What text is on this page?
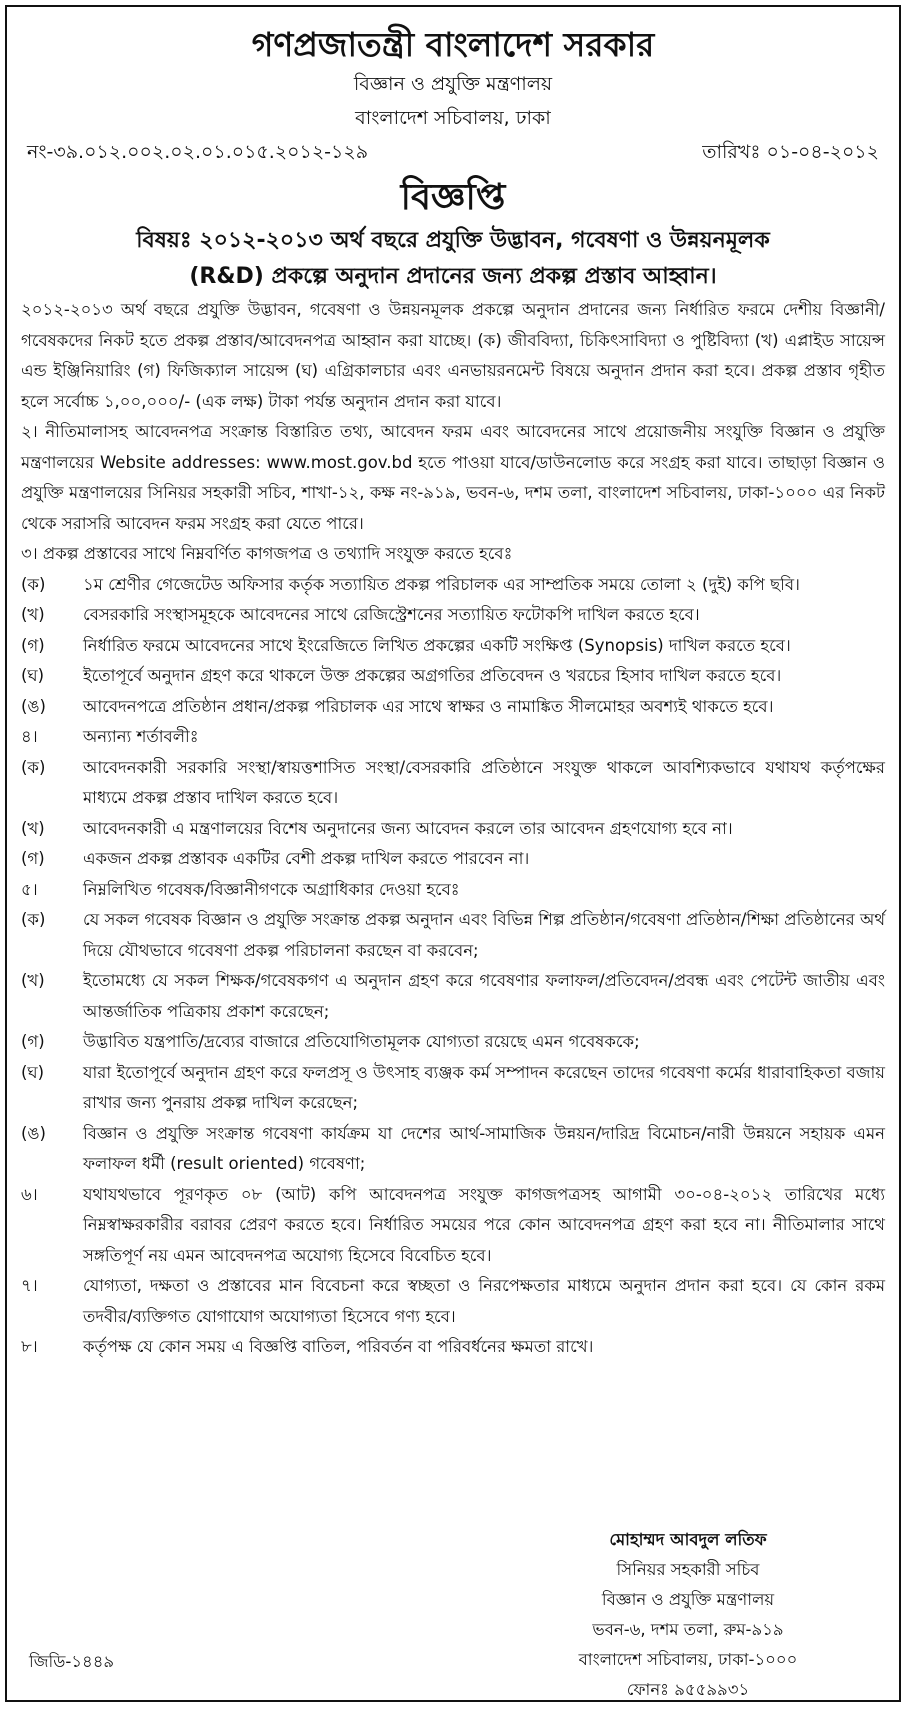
গণপ্রজাতন্ত্রী বাংলাদেশ সরকার
বিজ্ঞান ও প্রযুক্তি মন্ত্রণালয়
বাংলাদেশ সচিবালয়, ঢাকা
নং-৩৯.০১২.০০২.০২.০১.০১৫.২০১২-১২৯	তারিখঃ ০১-০৪-২০১২
বিজ্ঞপ্তি
বিষয়ঃ ২০১২-২০১৩ অর্থ বছরে প্রযুক্তি উদ্ভাবন, গবেষণা ও উন্নয়নমূলক
(R&D) প্রকল্পে অনুদান প্রদানের জন্য প্রকল্প প্রস্তাব আহ্বান।
২০১২-২০১৩ অর্থ বছরে প্রযুক্তি উদ্ভাবন, গবেষণা ও উন্নয়নমূলক প্রকল্পে অনুদান প্রদানের জন্য নির্ধারিত ফরমে দেশীয় বিজ্ঞানী/গবেষকদের নিকট হতে প্রকল্প প্রস্তাব/আবেদনপত্র আহ্বান করা যাচ্ছে। (ক) জীববিদ্যা, চিকিৎসাবিদ্যা ও পুষ্টিবিদ্যা (খ) এপ্লাইড সায়েন্স এন্ড ইঞ্জিনিয়ারিং (গ) ফিজিক্যাল সায়েন্স (ঘ) এগ্রিকালচার এবং এনভায়রনমেন্ট বিষয়ে অনুদান প্রদান করা হবে। প্রকল্প প্রস্তাব গৃহীত হলে সর্বোচ্চ ১,০০,০০০/- (এক লক্ষ) টাকা পর্যন্ত অনুদান প্রদান করা যাবে।
২। নীতিমালাসহ আবেদনপত্র সংক্রান্ত বিস্তারিত তথ্য, আবেদন ফরম এবং আবেদনের সাথে প্রয়োজনীয় সংযুক্তি বিজ্ঞান ও প্রযুক্তি মন্ত্রণালয়ের Website addresses: www.most.gov.bd হতে পাওয়া যাবে/ডাউনলোড করে সংগ্রহ করা যাবে। তাছাড়া বিজ্ঞান ও প্রযুক্তি মন্ত্রণালয়ের সিনিয়র সহকারী সচিব, শাখা-১২, কক্ষ নং-৯১৯, ভবন-৬, দশম তলা, বাংলাদেশ সচিবালয়, ঢাকা-১০০০ এর নিকট থেকে সরাসরি আবেদন ফরম সংগ্রহ করা যেতে পারে।
৩। প্রকল্প প্রস্তাবের সাথে নিম্নবর্ণিত কাগজপত্র ও তথ্যাদি সংযুক্ত করতে হবেঃ
(ক)	১ম শ্রেণীর গেজেটেড অফিসার কর্তৃক সত্যায়িত প্রকল্প পরিচালক এর সাম্প্রতিক সময়ে তোলা ২ (দুই) কপি ছবি।
(খ)	বেসরকারি সংস্থাসমূহকে আবেদনের সাথে রেজিস্ট্রেশনের সত্যায়িত ফটোকপি দাখিল করতে হবে।
(গ)	নির্ধারিত ফরমে আবেদনের সাথে ইংরেজিতে লিখিত প্রকল্পের একটি সংক্ষিপ্ত (Synopsis) দাখিল করতে হবে।
(ঘ)	ইতোপূর্বে অনুদান গ্রহণ করে থাকলে উক্ত প্রকল্পের অগ্রগতির প্রতিবেদন ও খরচের হিসাব দাখিল করতে হবে।
(ঙ)	আবেদনপত্রে প্রতিষ্ঠান প্রধান/প্রকল্প পরিচালক এর সাথে স্বাক্ষর ও নামাঙ্কিত সীলমোহর অবশ্যই থাকতে হবে।
৪।	অন্যান্য শর্তাবলীঃ
(ক)	আবেদনকারী সরকারি সংস্থা/স্বায়ত্তশাসিত সংস্থা/বেসরকারি প্রতিষ্ঠানে সংযুক্ত থাকলে আবশ্যিকভাবে যথাযথ কর্তৃপক্ষের মাধ্যমে প্রকল্প প্রস্তাব দাখিল করতে হবে।
(খ)	আবেদনকারী এ মন্ত্রণালয়ের বিশেষ অনুদানের জন্য আবেদন করলে তার আবেদন গ্রহণযোগ্য হবে না।
(গ)	একজন প্রকল্প প্রস্তাবক একটির বেশী প্রকল্প দাখিল করতে পারবেন না।
৫।	নিম্নলিখিত গবেষক/বিজ্ঞানীগণকে অগ্রাধিকার দেওয়া হবেঃ
(ক)	যে সকল গবেষক বিজ্ঞান ও প্রযুক্তি সংক্রান্ত প্রকল্প অনুদান এবং বিভিন্ন শিল্প প্রতিষ্ঠান/গবেষণা প্রতিষ্ঠান/শিক্ষা প্রতিষ্ঠানের অর্থ দিয়ে যৌথভাবে গবেষণা প্রকল্প পরিচালনা করছেন বা করবেন;
(খ)	ইতোমধ্যে যে সকল শিক্ষক/গবেষকগণ এ অনুদান গ্রহণ করে গবেষণার ফলাফল/প্রতিবেদন/প্রবন্ধ এবং পেটেন্ট জাতীয় এবং আন্তর্জাতিক পত্রিকায় প্রকাশ করেছেন;
(গ)	উদ্ভাবিত যন্ত্রপাতি/দ্রব্যের বাজারে প্রতিযোগিতামূলক যোগ্যতা রয়েছে এমন গবেষককে;
(ঘ)	যারা ইতোপূর্বে অনুদান গ্রহণ করে ফলপ্রসূ ও উৎসাহ ব্যঞ্জক কর্ম সম্পাদন করেছেন তাদের গবেষণা কর্মের ধারাবাহিকতা বজায় রাখার জন্য পুনরায় প্রকল্প দাখিল করেছেন;
(ঙ)	বিজ্ঞান ও প্রযুক্তি সংক্রান্ত গবেষণা কার্যক্রম যা দেশের আর্থ-সামাজিক উন্নয়ন/দারিদ্র বিমোচন/নারী উন্নয়নে সহায়ক এমন ফলাফল ধর্মী (result oriented) গবেষণা;
৬।	যথাযথভাবে পূরণকৃত ০৮ (আট) কপি আবেদনপত্র সংযুক্ত কাগজপত্রসহ আগামী ৩০-০৪-২০১২ তারিখের মধ্যে নিম্নস্বাক্ষরকারীর বরাবর প্রেরণ করতে হবে। নির্ধারিত সময়ের পরে কোন আবেদনপত্র গ্রহণ করা হবে না। নীতিমালার সাথে সঙ্গতিপূর্ণ নয় এমন আবেদনপত্র অযোগ্য হিসেবে বিবেচিত হবে।
৭।	যোগ্যতা, দক্ষতা ও প্রস্তাবের মান বিবেচনা করে স্বচ্ছতা ও নিরপেক্ষতার মাধ্যমে অনুদান প্রদান করা হবে। যে কোন রকম তদবীর/ব্যক্তিগত যোগাযোগ অযোগ্যতা হিসেবে গণ্য হবে।
৮।	কর্তৃপক্ষ যে কোন সময় এ বিজ্ঞপ্তি বাতিল, পরিবর্তন বা পরিবর্ধনের ক্ষমতা রাখে।
মোহাম্মদ আবদুল লতিফ
সিনিয়র সহকারী সচিব
বিজ্ঞান ও প্রযুক্তি মন্ত্রণালয়
ভবন-৬, দশম তলা, রুম-৯১৯
বাংলাদেশ সচিবালয়, ঢাকা-১০০০
ফোনঃ ৯৫৫৯৯৩১
জিডি-১৪৪৯
